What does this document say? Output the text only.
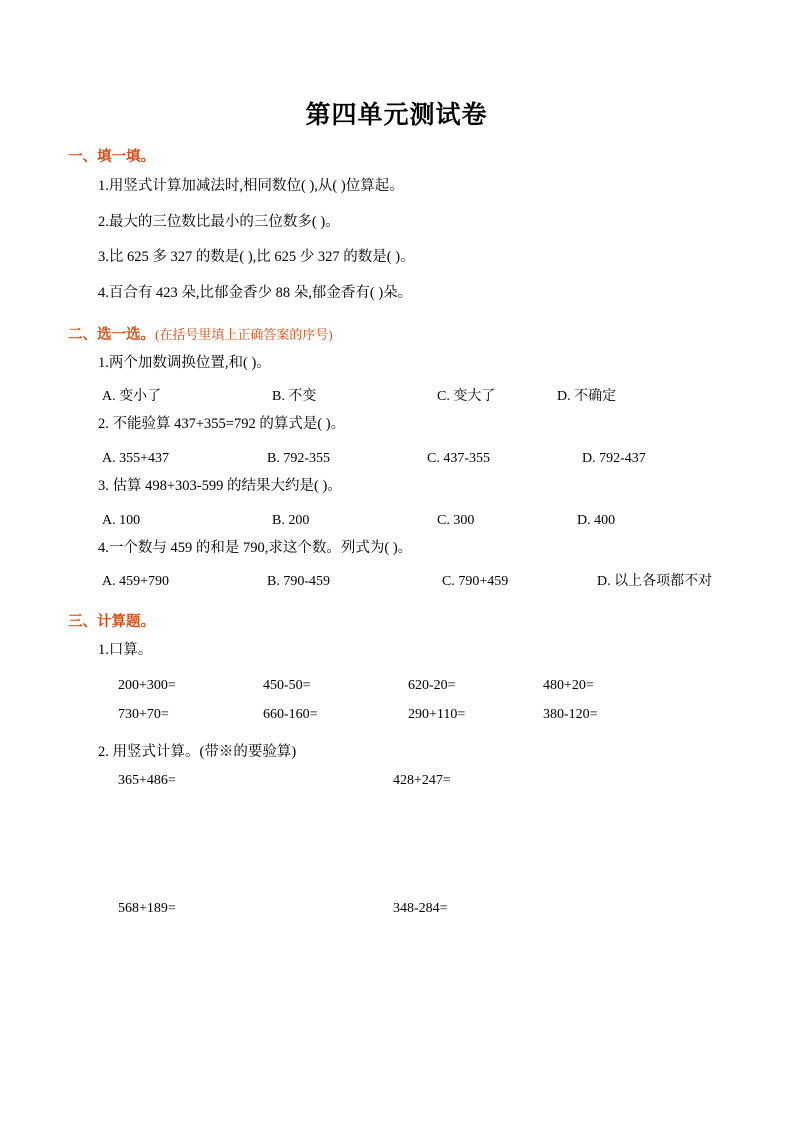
第四单元测试卷
一、填一填。
1.用竖式计算加减法时,相同数位( ),从( )位算起。
2.最大的三位数比最小的三位数多( )。
3.比 625 多 327 的数是( ),比 625 少 327 的数是( )。
4.百合有 423 朵,比郁金香少 88 朵,郁金香有( )朵。
二、选一选。(在括号里填上正确答案的序号)
1.两个加数调换位置,和( )。
A. 变小了	B. 不变	C. 变大了	D. 不确定
2. 不能验算 437+355=792 的算式是( )。
A. 355+437	B. 792-355	C. 437-355	D. 792-437
3. 估算 498+303-599 的结果大约是( )。
A. 100	B. 200	C. 300	D. 400
4.一个数与 459 的和是 790,求这个数。列式为( )。
A. 459+790	B. 790-459	C. 790+459	D. 以上各项都不对
三、计算题。
1.口算。
200+300=	450-50=	620-20=	480+20=
730+70=	660-160=	290+110=	380-120=
2. 用竖式计算。(带※的要验算)
365+486=	428+247=
568+189=	348-284=
